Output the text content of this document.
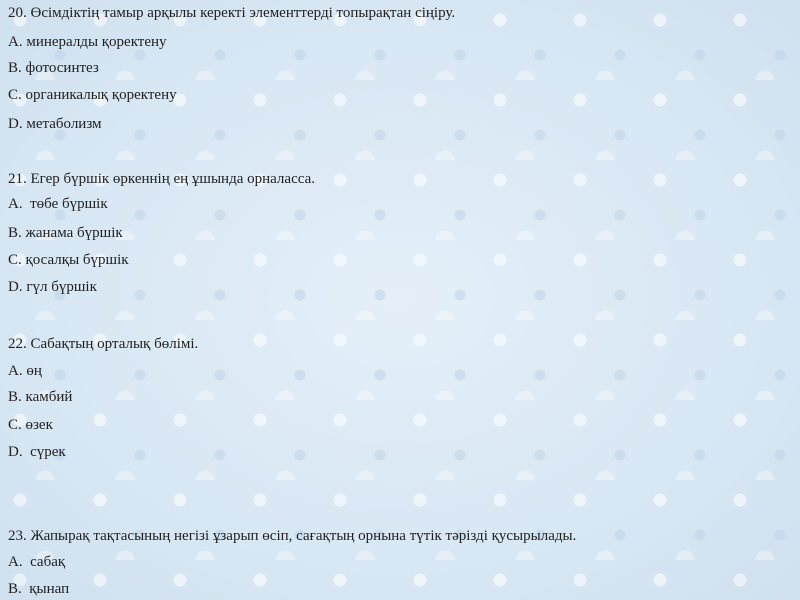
20. Өсімдіктің тамыр арқылы керекті элементтерді топырақтан сіңіру.
A. минералды қоректену
B. фотосинтез
C. органикалық қоректену
D. метаболизм
21. Егер бүршік өркеннің ең ұшында орналасса.
A.  төбе бүршік
B. жанама бүршік
C. қосалқы бүршік
D. гүл бүршік
22. Сабақтың орталық бөлімі.
A. өң
B. камбий
C. өзек
D.  сүрек
23. Жапырақ тақтасының негізі ұзарып өсіп, сағақтың орнына түтік тәрізді қусырылады.
A.  сабақ
B.  қынап
